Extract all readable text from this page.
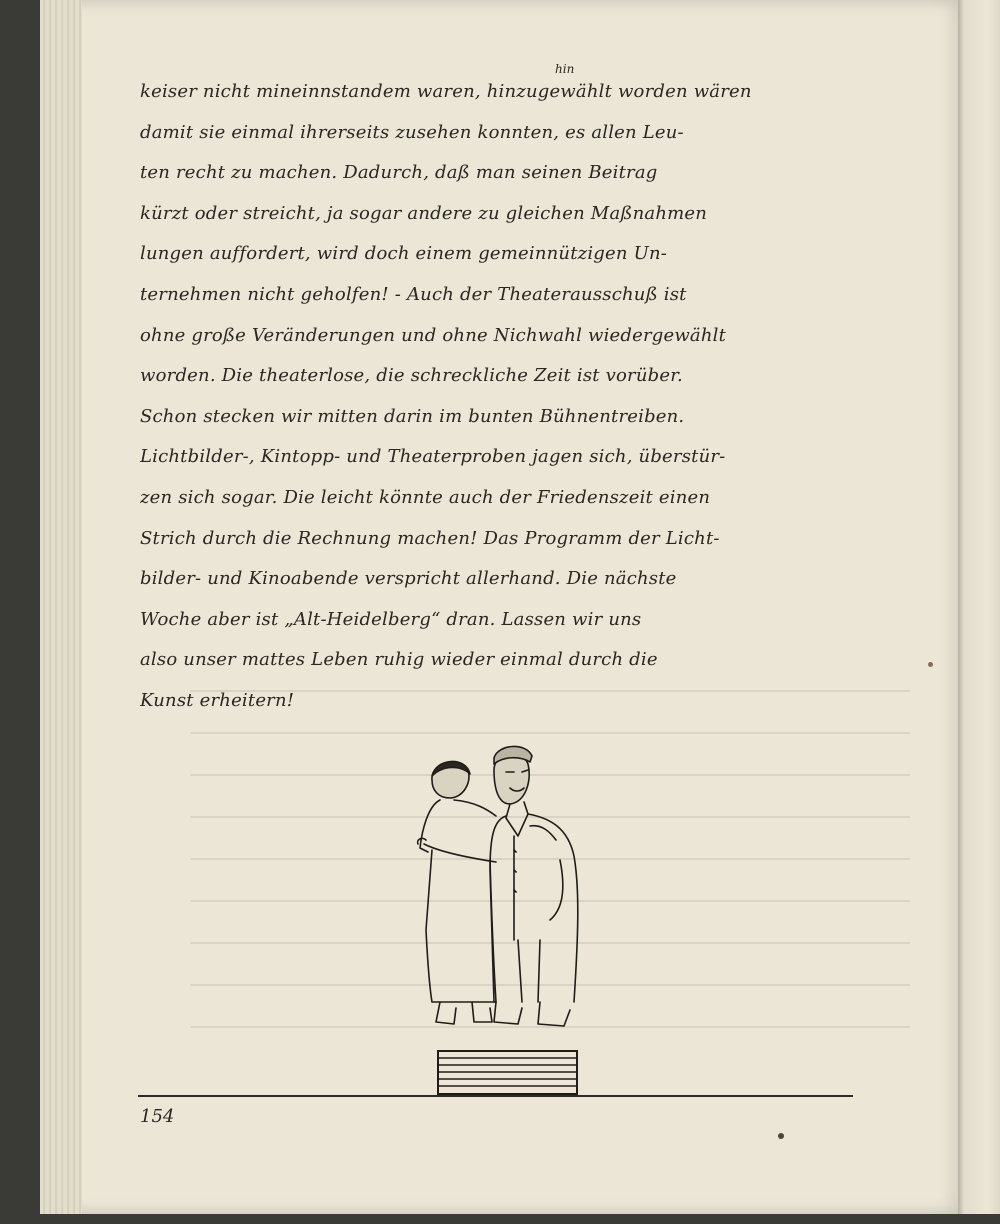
hin
keiser nicht mineinnstandem waren, hinzugewählt worden wären
damit sie einmal ihrerseits zusehen konnten, es allen Leu-
ten recht zu machen. Dadurch, daß man seinen Beitrag
kürzt oder streicht, ja sogar andere zu gleichen Maßnahmen
lungen auffordert, wird doch einem gemeinnützigen Un-
ternehmen nicht geholfen! - Auch der Theaterausschuß ist
ohne große Veränderungen und ohne Nichwahl wiedergewählt
worden. Die theaterlose, die schreckliche Zeit ist vorüber.
Schon stecken wir mitten darin im bunten Bühnentreiben.
Lichtbilder-, Kintopp- und Theaterproben jagen sich, überstür-
zen sich sogar. Die leicht könnte auch der Friedenszeit einen
Strich durch die Rechnung machen! Das Programm der Licht-
bilder- und Kinoabende verspricht allerhand. Die nächste
Woche aber ist „Alt-Heidelberg“ dran. Lassen wir uns
also unser mattes Leben ruhig wieder einmal durch die
Kunst erheitern!
154
